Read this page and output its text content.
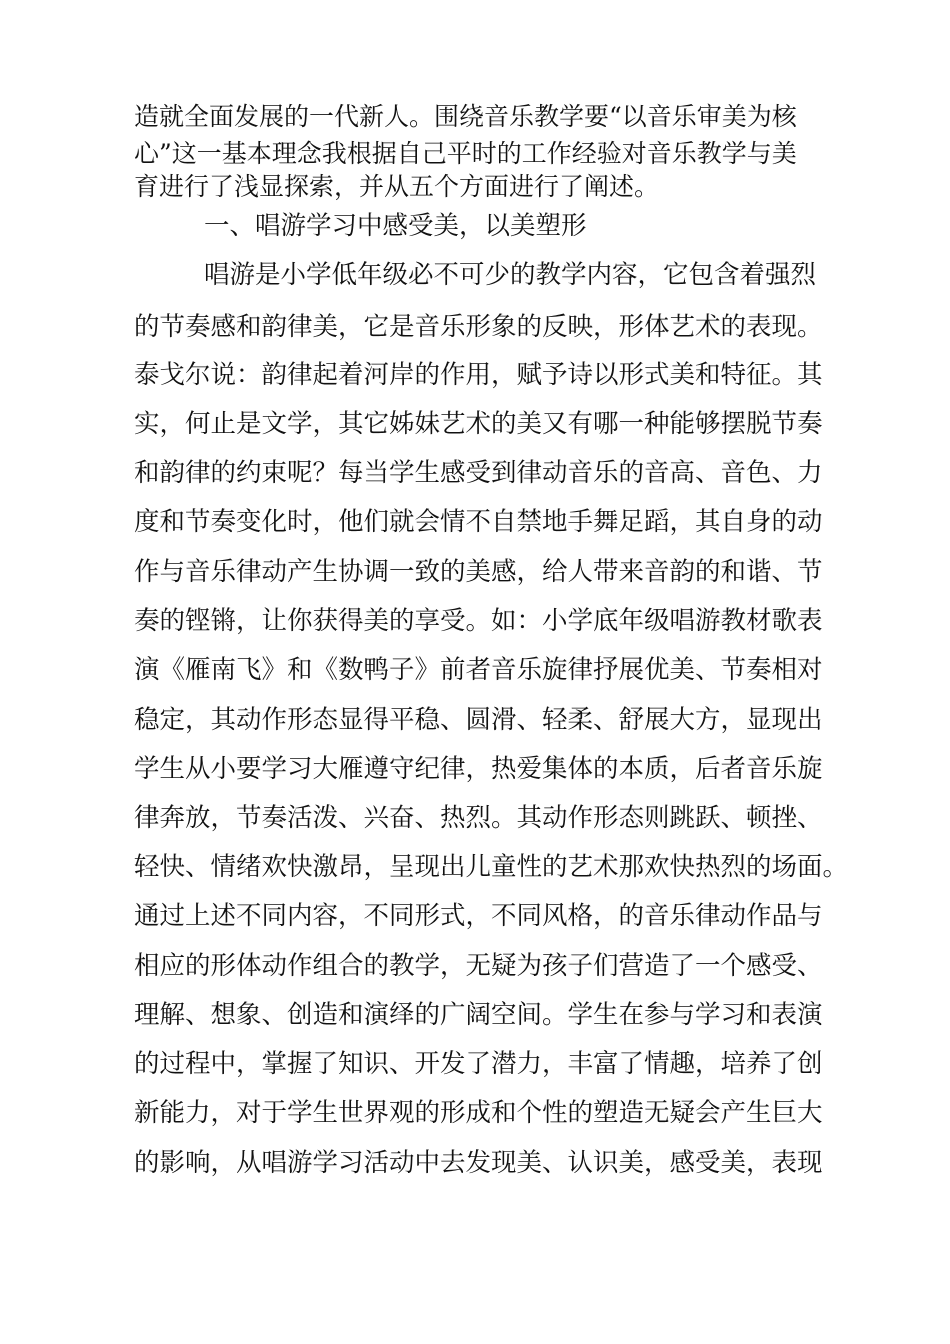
造就全面发展的一代新人。围绕音乐教学要“以音乐审美为核
心”这一基本理念我根据自己平时的工作经验对音乐教学与美
育进行了浅显探索，并从五个方面进行了阐述。
一、唱游学习中感受美，以美塑形
唱游是小学低年级必不可少的教学内容，它包含着强烈
的节奏感和韵律美，它是音乐形象的反映，形体艺术的表现。
泰戈尔说：韵律起着河岸的作用，赋予诗以形式美和特征。其
实，何止是文学，其它姊妹艺术的美又有哪一种能够摆脱节奏
和韵律的约束呢？每当学生感受到律动音乐的音高、音色、力
度和节奏变化时，他们就会情不自禁地手舞足蹈，其自身的动
作与音乐律动产生协调一致的美感，给人带来音韵的和谐、节
奏的铿锵，让你获得美的享受。如：小学底年级唱游教材歌表
演《雁南飞》和《数鸭子》前者音乐旋律抒展优美、节奏相对
稳定，其动作形态显得平稳、圆滑、轻柔、舒展大方，显现出
学生从小要学习大雁遵守纪律，热爱集体的本质，后者音乐旋
律奔放，节奏活泼、兴奋、热烈。其动作形态则跳跃、顿挫、
轻快、情绪欢快激昂，呈现出儿童性的艺术那欢快热烈的场面。
通过上述不同内容，不同形式，不同风格，的音乐律动作品与
相应的形体动作组合的教学，无疑为孩子们营造了一个感受、
理解、想象、创造和演绎的广阔空间。学生在参与学习和表演
的过程中，掌握了知识、开发了潜力，丰富了情趣，培养了创
新能力，对于学生世界观的形成和个性的塑造无疑会产生巨大
的影响，从唱游学习活动中去发现美、认识美，感受美，表现
